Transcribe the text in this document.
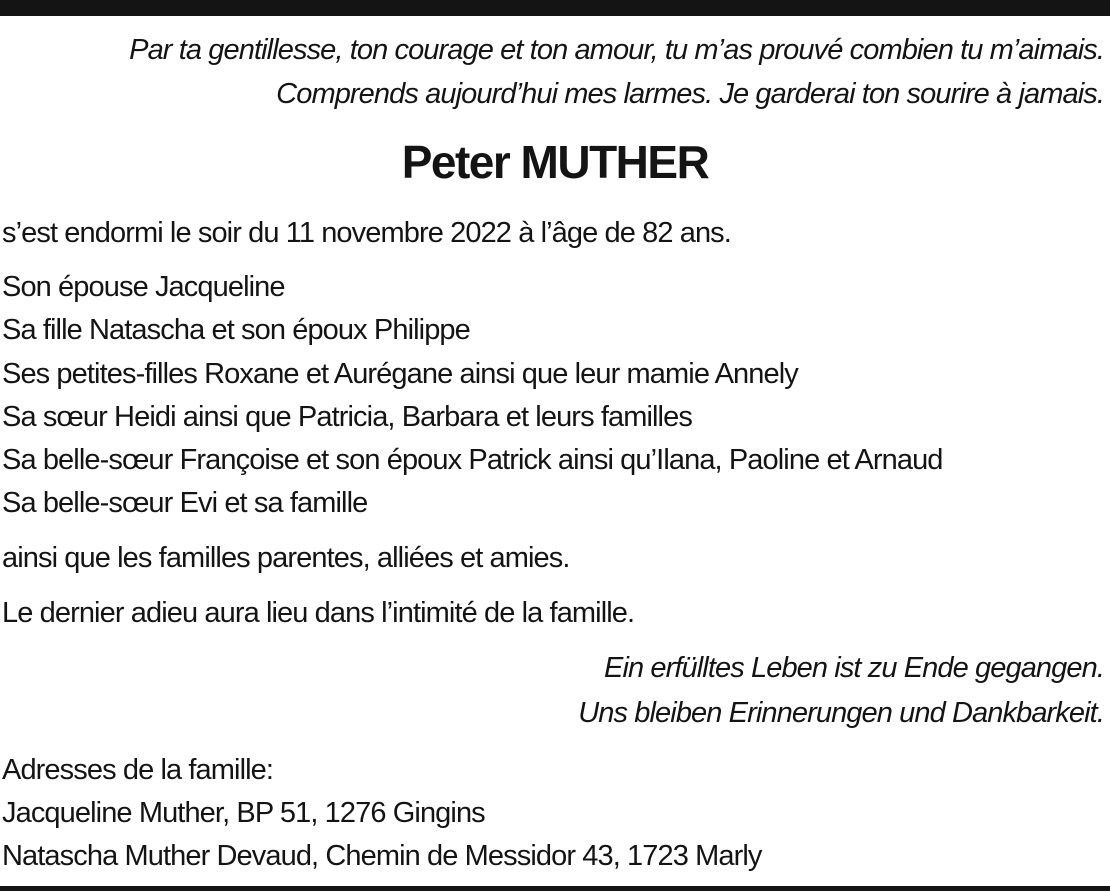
Par ta gentillesse, ton courage et ton amour, tu m’as prouvé combien tu m’aimais.
Comprends aujourd’hui mes larmes. Je garderai ton sourire à jamais.
Peter MUTHER
s’est endormi le soir du 11 novembre 2022 à l’âge de 82 ans.
Son épouse Jacqueline
Sa fille Natascha et son époux Philippe
Ses petites-filles Roxane et Aurégane ainsi que leur mamie Annely
Sa sœur Heidi ainsi que Patricia, Barbara et leurs familles
Sa belle-sœur Françoise et son époux Patrick ainsi qu’Ilana, Paoline et Arnaud
Sa belle-sœur Evi et sa famille
ainsi que les familles parentes, alliées et amies.
Le dernier adieu aura lieu dans l’intimité de la famille.
Ein erfülltes Leben ist zu Ende gegangen.
Uns bleiben Erinnerungen und Dankbarkeit.
Adresses de la famille:
Jacqueline Muther, BP 51, 1276 Gingins
Natascha Muther Devaud, Chemin de Messidor 43, 1723 Marly
